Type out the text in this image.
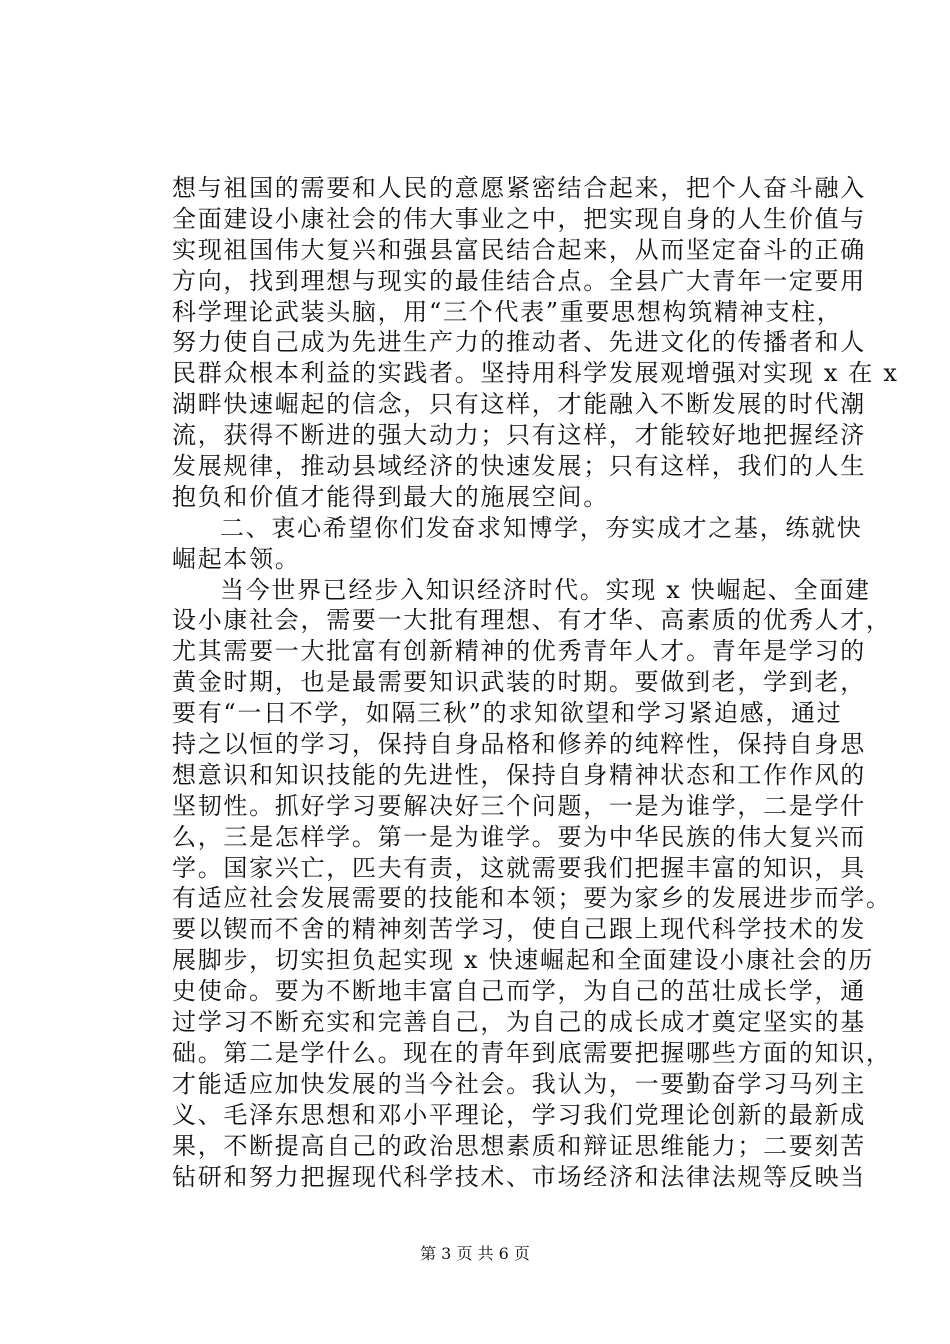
想与祖国的需要和人民的意愿紧密结合起来，把个人奋斗融入
全面建设小康社会的伟大事业之中，把实现自身的人生价值与
实现祖国伟大复兴和强县富民结合起来，从而坚定奋斗的正确
方向，找到理想与现实的最佳结合点。全县广大青年一定要用
科学理论武装头脑，用“三个代表”重要思想构筑精神支柱，
努力使自己成为先进生产力的推动者、先进文化的传播者和人
民群众根本利益的实践者。坚持用科学发展观增强对实现 x 在 x
湖畔快速崛起的信念，只有这样，才能融入不断发展的时代潮
流，获得不断进的强大动力；只有这样，才能较好地把握经济
发展规律，推动县域经济的快速发展；只有这样，我们的人生
抱负和价值才能得到最大的施展空间。
二、衷心希望你们发奋求知博学，夯实成才之基，练就快
崛起本领。
当今世界已经步入知识经济时代。实现 x 快崛起、全面建
设小康社会，需要一大批有理想、有才华、高素质的优秀人才，
尤其需要一大批富有创新精神的优秀青年人才。青年是学习的
黄金时期，也是最需要知识武装的时期。要做到老，学到老，
要有“一日不学，如隔三秋”的求知欲望和学习紧迫感，通过
持之以恒的学习，保持自身品格和修养的纯粹性，保持自身思
想意识和知识技能的先进性，保持自身精神状态和工作作风的
坚韧性。抓好学习要解决好三个问题，一是为谁学，二是学什
么，三是怎样学。第一是为谁学。要为中华民族的伟大复兴而
学。国家兴亡，匹夫有责，这就需要我们把握丰富的知识，具
有适应社会发展需要的技能和本领；要为家乡的发展进步而学。
要以锲而不舍的精神刻苦学习，使自己跟上现代科学技术的发
展脚步，切实担负起实现 x 快速崛起和全面建设小康社会的历
史使命。要为不断地丰富自己而学，为自己的茁壮成长学，通
过学习不断充实和完善自己，为自己的成长成才奠定坚实的基
础。第二是学什么。现在的青年到底需要把握哪些方面的知识，
才能适应加快发展的当今社会。我认为，一要勤奋学习马列主
义、毛泽东思想和邓小平理论，学习我们党理论创新的最新成
果，不断提高自己的政治思想素质和辩证思维能力；二要刻苦
钻研和努力把握现代科学技术、市场经济和法律法规等反映当
第 3 页 共 6 页
